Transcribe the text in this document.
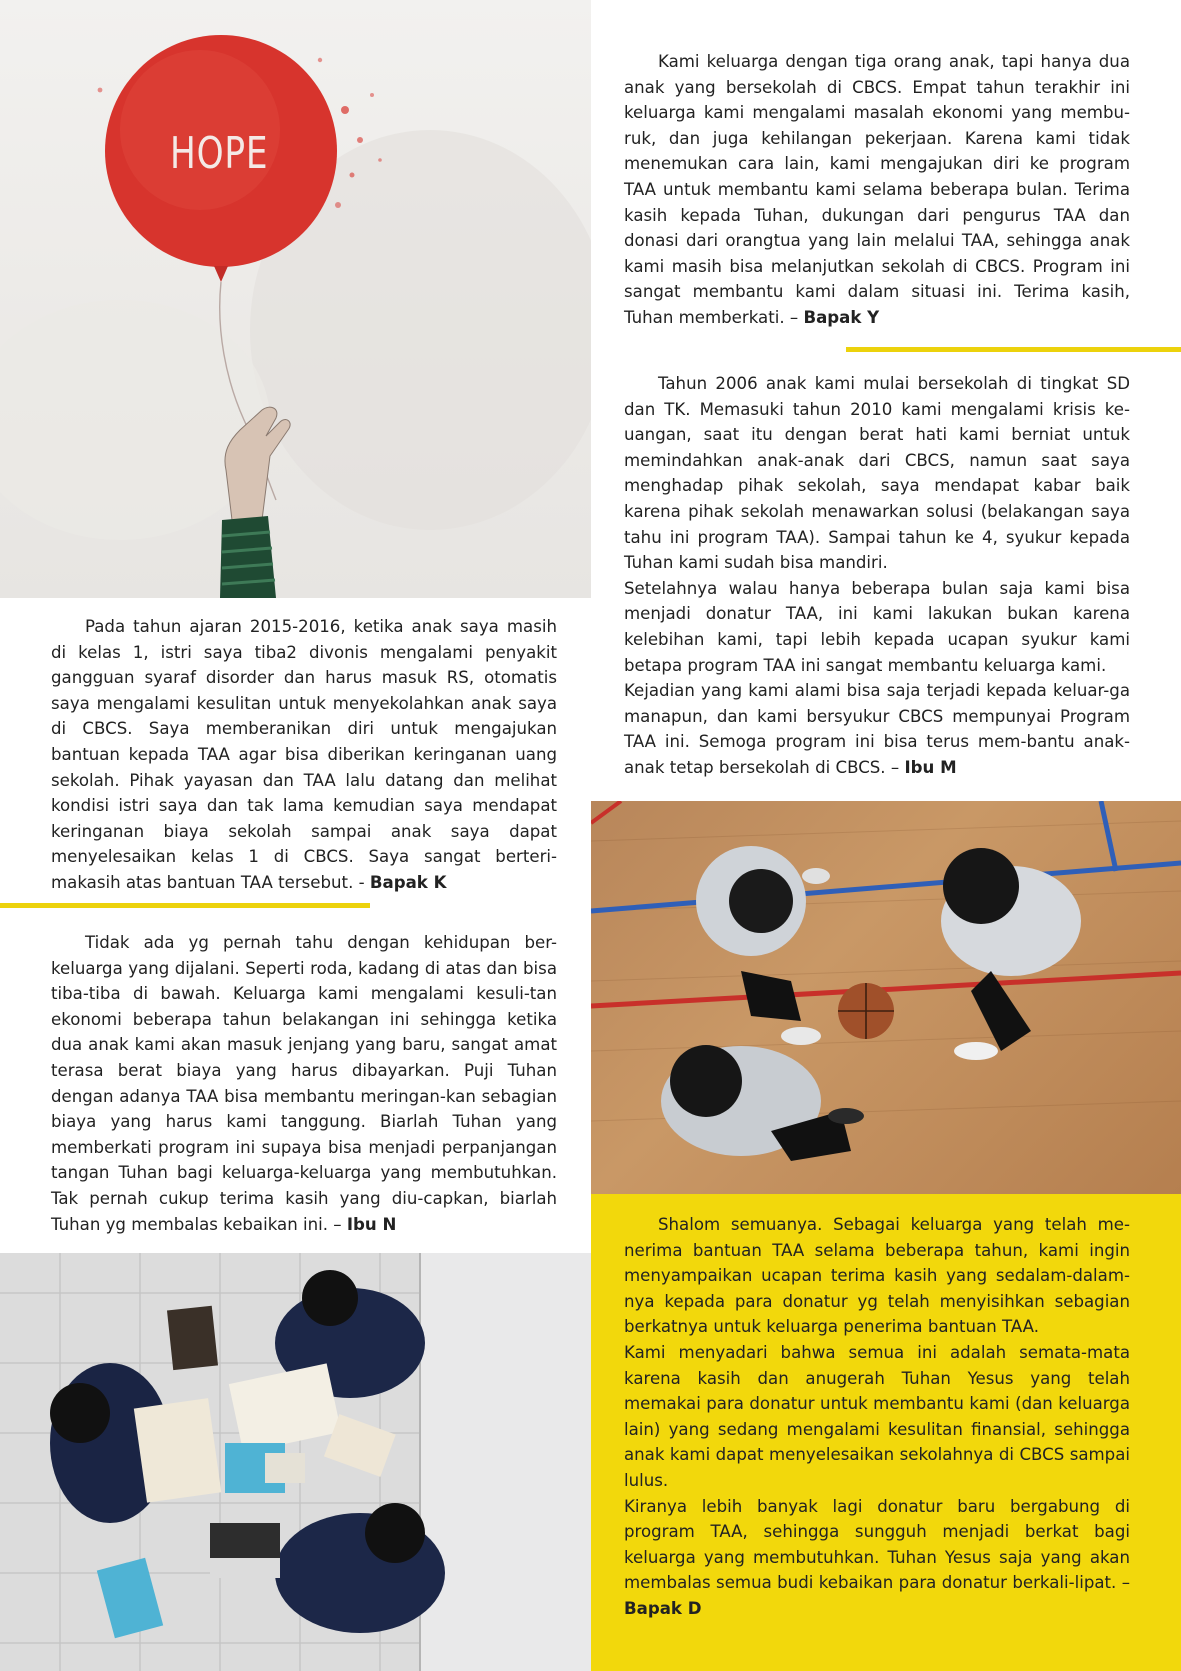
HOPE

Kami keluarga dengan tiga orang anak, tapi hanya dua anak yang bersekolah di CBCS. Empat tahun terakhir ini keluarga kami mengalami masalah ekonomi yang membu-ruk, dan juga kehilangan pekerjaan. Karena kami tidak menemukan cara lain, kami mengajukan diri ke program TAA untuk membantu kami selama beberapa bulan. Terima kasih kepada Tuhan, dukungan dari pengurus TAA dan donasi dari orangtua yang lain melalui TAA, sehingga anak kami masih bisa melanjutkan sekolah di CBCS. Program ini sangat membantu kami dalam situasi ini. Terima kasih, Tuhan memberkati. – Bapak Y

Tahun 2006 anak kami mulai bersekolah di tingkat SD dan TK. Memasuki tahun 2010 kami mengalami krisis ke-uangan, saat itu dengan berat hati kami berniat untuk memindahkan anak-anak dari CBCS, namun saat saya menghadap pihak sekolah, saya mendapat kabar baik karena pihak sekolah menawarkan solusi (belakangan saya tahu ini program TAA). Sampai tahun ke 4, syukur kepada Tuhan kami sudah bisa mandiri.

Setelahnya walau hanya beberapa bulan saja kami bisa menjadi donatur TAA, ini kami lakukan bukan karena kelebihan kami, tapi lebih kepada ucapan syukur kami betapa program TAA ini sangat membantu keluarga kami.

Kejadian yang kami alami bisa saja terjadi kepada keluar-ga manapun, dan kami bersyukur CBCS mempunyai Program TAA ini. Semoga program ini bisa terus mem-bantu anak-anak tetap bersekolah di CBCS. – Ibu M

Pada tahun ajaran 2015-2016, ketika anak saya masih di kelas 1, istri saya tiba2 divonis mengalami penyakit gangguan syaraf disorder dan harus masuk RS, otomatis saya mengalami kesulitan untuk menyekolahkan anak saya di CBCS. Saya memberanikan diri untuk mengajukan bantuan kepada TAA agar bisa diberikan keringanan uang sekolah. Pihak yayasan dan TAA lalu datang dan melihat kondisi istri saya dan tak lama kemudian saya mendapat keringanan biaya sekolah sampai anak saya dapat menyelesaikan kelas 1 di CBCS. Saya sangat berteri-makasih atas bantuan TAA tersebut. - Bapak K

Tidak ada yg pernah tahu dengan kehidupan ber-keluarga yang dijalani. Seperti roda, kadang di atas dan bisa tiba-tiba di bawah. Keluarga kami mengalami kesuli-tan ekonomi beberapa tahun belakangan ini sehingga ketika dua anak kami akan masuk jenjang yang baru, sangat amat terasa berat biaya yang harus dibayarkan. Puji Tuhan dengan adanya TAA bisa membantu meringan-kan sebagian biaya yang harus kami tanggung. Biarlah Tuhan yang memberkati program ini supaya bisa menjadi perpanjangan tangan Tuhan bagi keluarga-keluarga yang membutuhkan. Tak pernah cukup terima kasih yang diu-capkan, biarlah Tuhan yg membalas kebaikan ini. – Ibu N	Shalom semuanya. Sebagai keluarga yang telah me-nerima bantuan TAA selama beberapa tahun, kami ingin menyampaikan ucapan terima kasih yang sedalam-dalam-nya kepada para donatur yg telah menyisihkan sebagian berkatnya untuk keluarga penerima bantuan TAA.

Kami menyadari bahwa semua ini adalah semata-mata karena kasih dan anugerah Tuhan Yesus yang telah memakai para donatur untuk membantu kami (dan keluarga lain) yang sedang mengalami kesulitan finansial, sehingga anak kami dapat menyelesaikan sekolahnya di CBCS sampai lulus.

Kiranya lebih banyak lagi donatur baru bergabung di program TAA, sehingga sungguh menjadi berkat bagi keluarga yang membutuhkan. Tuhan Yesus saja yang akan membalas semua budi kebaikan para donatur berkali-lipat. – Bapak D
